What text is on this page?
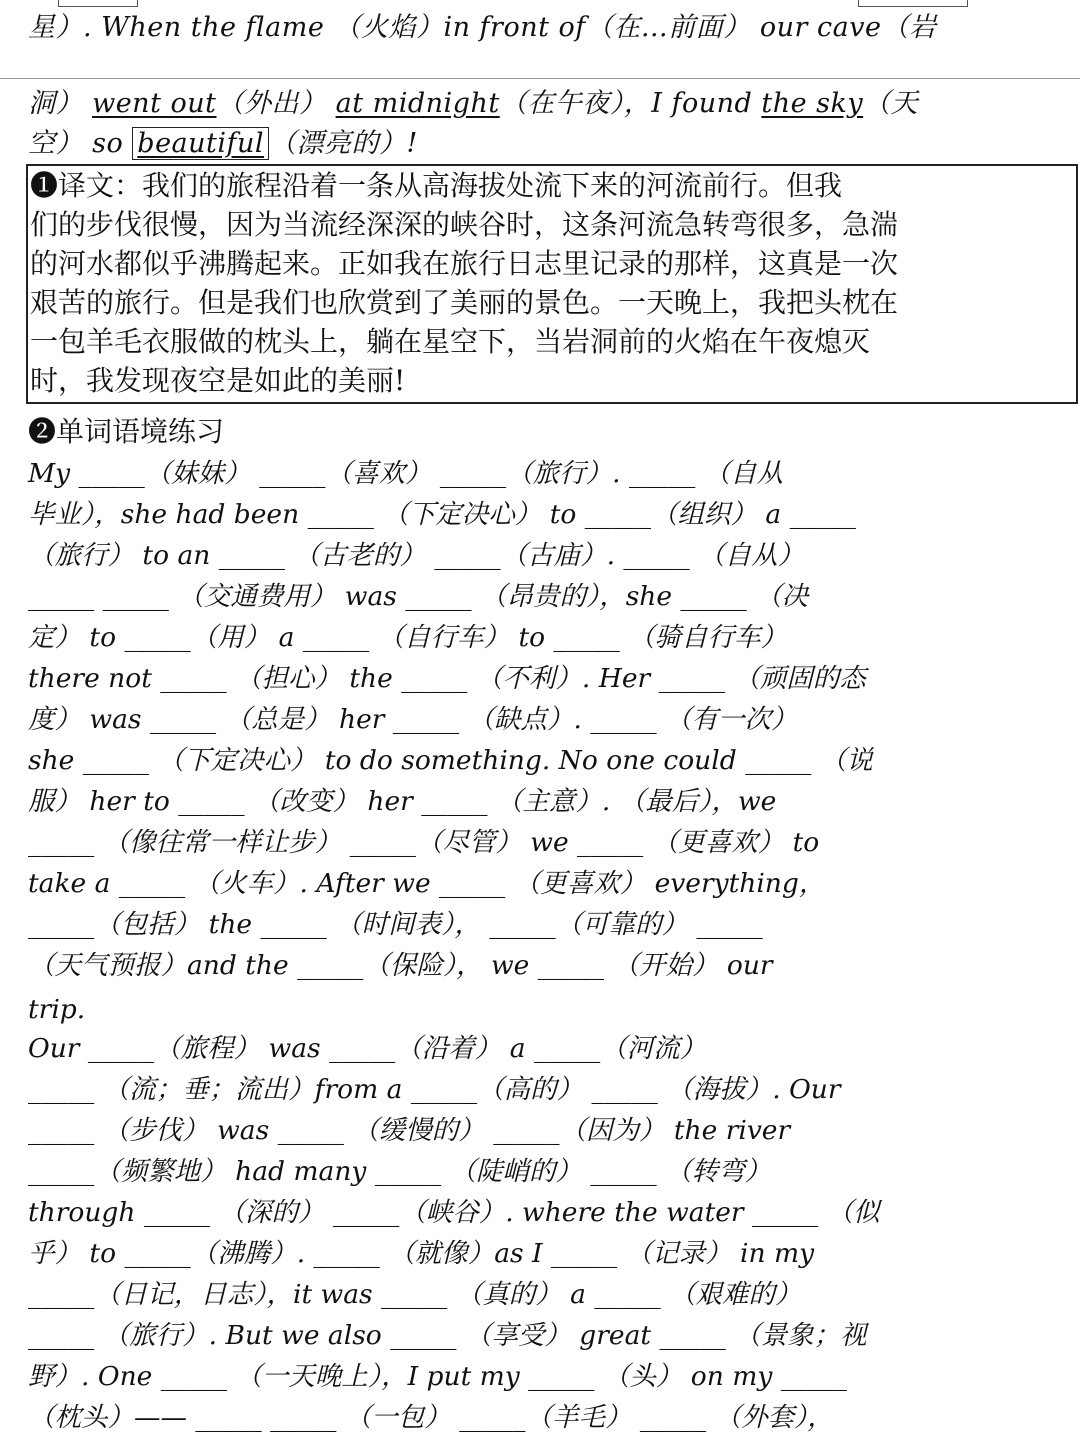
星）. When the flame （火焰）in front of（在…前面） our cave（岩
洞） went out（外出） at midnight（在午夜），I found the sky（天
空） so beautiful （漂亮的）!
❶译文：我们的旅程沿着一条从高海拔处流下来的河流前行。但我
们的步伐很慢，因为当流经深深的峡谷时，这条河流急转弯很多，急湍
的河水都似乎沸腾起来。正如我在旅行日志里记录的那样，这真是一次
艰苦的旅行。但是我们也欣赏到了美丽的景色。一天晚上，我把头枕在
一包羊毛衣服做的枕头上，躺在星空下，当岩洞前的火焰在午夜熄灭
时，我发现夜空是如此的美丽!
❷单词语境练习
My _____（妹妹） _____（喜欢） _____（旅行）. _____ （自从
毕业），she had been _____ （下定决心） to _____（组织） a _____
（旅行） to an _____ （古老的） _____（古庙）. _____ （自从）
_____ _____ （交通费用） was _____ （昂贵的），she _____ （决
定） to _____（用） a _____ （自行车） to _____ （骑自行车）
there not _____ （担心） the _____ （不利）. Her _____ （顽固的态
度） was _____ （总是） her _____ （缺点）. _____ （有一次）
she _____ （下定决心） to do something. No one could _____ （说
服） her to _____ （改变） her _____ （主意）. （最后），we
_____ （像往常一样让步） _____（尽管） we _____ （更喜欢） to
take a _____ （火车）. After we _____ （更喜欢） everything，
_____（包括） the _____ （时间表）， _____（可靠的） _____
（天气预报）and the _____（保险）， we _____ （开始） our
trip.
Our _____（旅程） was _____（沿着） a _____（河流）
_____ （流；垂；流出）from a _____（高的） _____ （海拔）. Our
_____ （步伐） was _____ （缓慢的） _____（因为） the river
_____（频繁地） had many _____ （陡峭的） _____ （转弯）
through _____ （深的） _____（峡谷）. where the water _____ （似
乎） to _____（沸腾）. _____ （就像）as I _____ （记录） in my
_____（日记，日志），it was _____ （真的） a _____ （艰难的）
_____ （旅行）. But we also _____ （享受） great _____ （景象；视
野）. One _____ （一天晚上），I put my _____ （头） on my _____
（枕头）—— _____ _____ （一包） _____（羊毛） _____ （外套），
